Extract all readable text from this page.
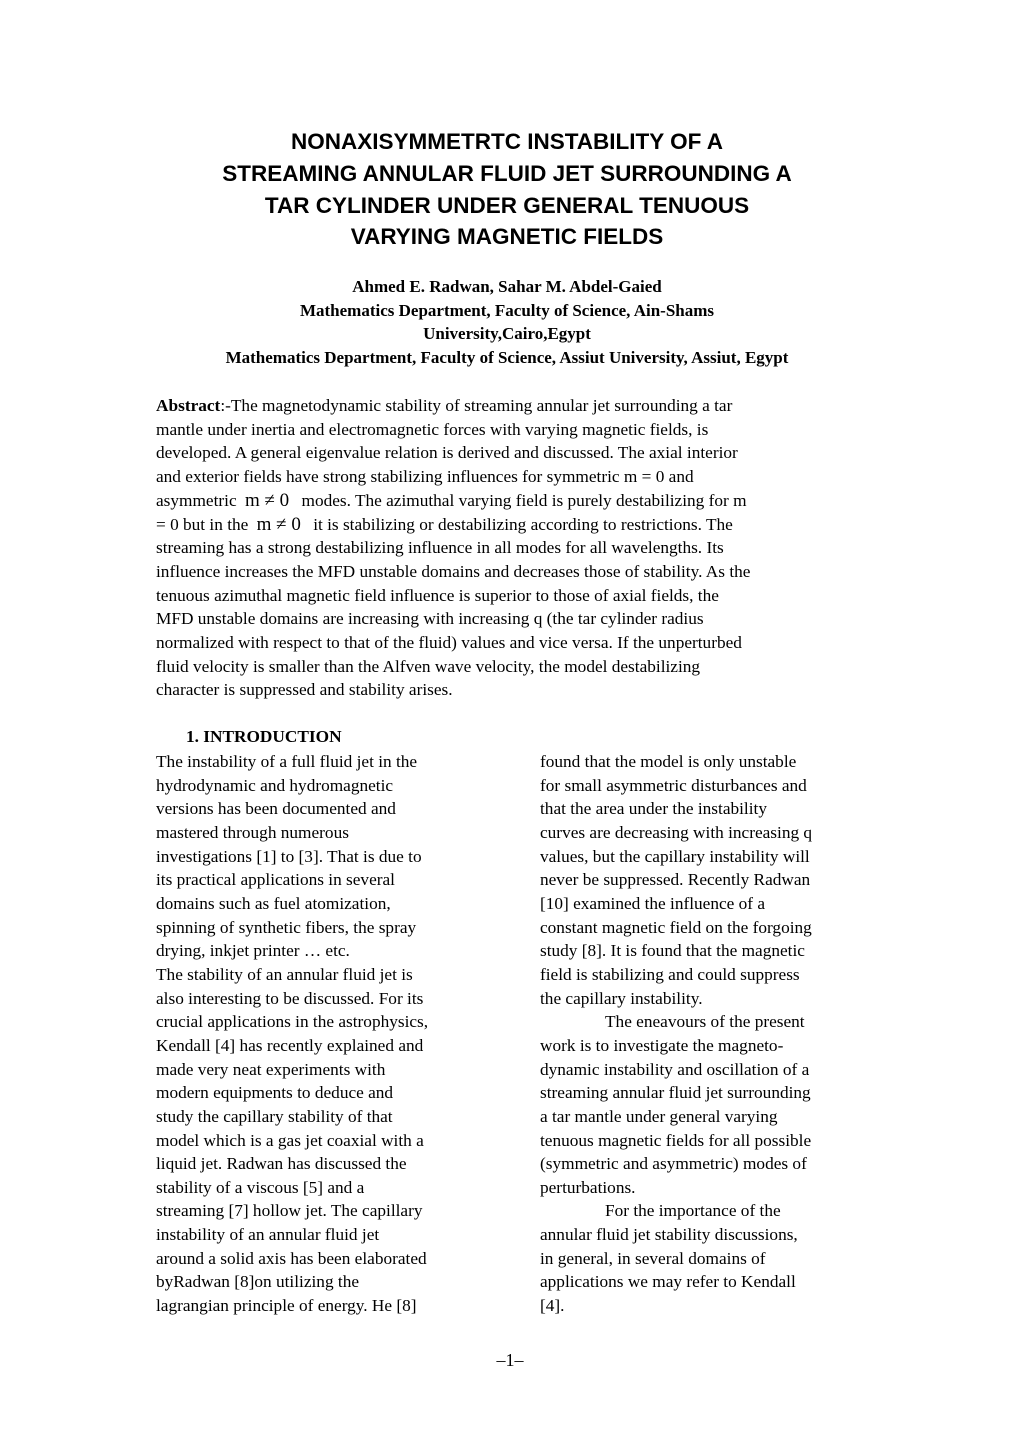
NONAXISYMMETRTC INSTABILITY OF A
STREAMING ANNULAR FLUID JET SURROUNDING A
TAR CYLINDER UNDER GENERAL TENUOUS
VARYING MAGNETIC FIELDS
Ahmed E. Radwan, Sahar M. Abdel-Gaied
Mathematics Department, Faculty of Science, Ain-Shams
University,Cairo,Egypt
Mathematics Department, Faculty of Science, Assiut University, Assiut, Egypt
Abstract:-The magnetodynamic stability of streaming annular jet surrounding a tar
mantle under inertia and electromagnetic forces with varying magnetic fields, is
developed. A general eigenvalue relation is derived and discussed. The axial interior
and exterior fields have strong stabilizing influences for symmetric m = 0 and
asymmetric m ≠ 0 modes. The azimuthal varying field is purely destabilizing for m
= 0 but in the m ≠ 0 it is stabilizing or destabilizing according to restrictions. The
streaming has a strong destabilizing influence in all modes for all wavelengths. Its
influence increases the MFD unstable domains and decreases those of stability. As the
tenuous azimuthal magnetic field influence is superior to those of axial fields, the
MFD unstable domains are increasing with increasing q (the tar cylinder radius
normalized with respect to that of the fluid) values and vice versa. If the unperturbed
fluid velocity is smaller than the Alfven wave velocity, the model destabilizing
character is suppressed and stability arises.
1. INTRODUCTION
The instability of a full fluid jet in the
hydrodynamic and hydromagnetic
versions has been documented and
mastered through numerous
investigations [1] to [3]. That is due to
its practical applications in several
domains such as fuel atomization,
spinning of synthetic fibers, the spray
drying, inkjet printer … etc.
The stability of an annular fluid jet is
also interesting to be discussed. For its
crucial applications in the astrophysics,
Kendall [4] has recently explained and
made very neat experiments with
modern equipments to deduce and
study the capillary stability of that
model which is a gas jet coaxial with a
liquid jet. Radwan has discussed the
stability of a viscous [5] and a
streaming [7] hollow jet. The capillary
instability of an annular fluid jet
around a solid axis has been elaborated
byRadwan [8]on utilizing the
lagrangian principle of energy. He [8]
found that the model is only unstable
for small asymmetric disturbances and
that the area under the instability
curves are decreasing with increasing q
values, but the capillary instability will
never be suppressed. Recently Radwan
[10] examined the influence of a
constant magnetic field on the forgoing
study [8]. It is found that the magnetic
field is stabilizing and could suppress
the capillary instability.
The eneavours of the present
work is to investigate the magneto-
dynamic instability and oscillation of a
streaming annular fluid jet surrounding
a tar mantle under general varying
tenuous magnetic fields for all possible
(symmetric and asymmetric) modes of
perturbations.
For the importance of the
annular fluid jet stability discussions,
in general, in several domains of
applications we may refer to Kendall
[4].
–1–
